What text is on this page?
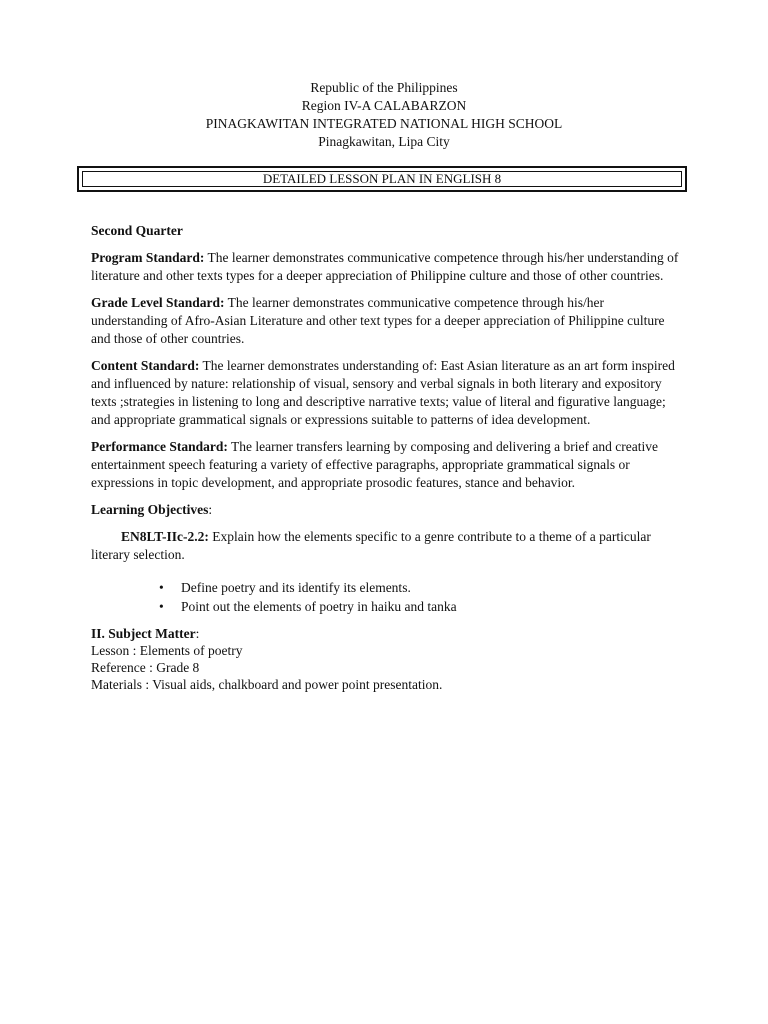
Republic of the Philippines
Region IV-A CALABARZON
PINAGKAWITAN INTEGRATED NATIONAL HIGH SCHOOL
Pinagkawitan, Lipa City
DETAILED LESSON PLAN IN ENGLISH 8

Second Quarter

Program Standard: The learner demonstrates communicative competence through his/her understanding of literature and other texts types for a deeper appreciation of Philippine culture and those of other countries.

Grade Level Standard: The learner demonstrates communicative competence through his/her understanding of Afro-Asian Literature and other text types for a deeper appreciation of Philippine culture and those of other countries.

Content Standard: The learner demonstrates understanding of: East Asian literature as an art form inspired and influenced by nature: relationship of visual, sensory and verbal signals in both literary and expository texts ;strategies in listening to long and descriptive narrative texts; value of literal and figurative language; and appropriate grammatical signals or expressions suitable to patterns of idea development.

Performance Standard: The learner transfers learning by composing and delivering a brief and creative entertainment speech featuring a variety of effective paragraphs, appropriate grammatical signals or expressions in topic development, and appropriate prosodic features, stance and behavior.

Learning Objectives:

EN8LT-IIc-2.2: Explain how the elements specific to a genre contribute to a theme of a particular literary selection.

• Define poetry and its identify its elements.
• Point out the elements of poetry in haiku and tanka

II. Subject Matter:

Lesson : Elements of poetry

Reference : Grade 8

Materials : Visual aids, chalkboard and power point presentation.
